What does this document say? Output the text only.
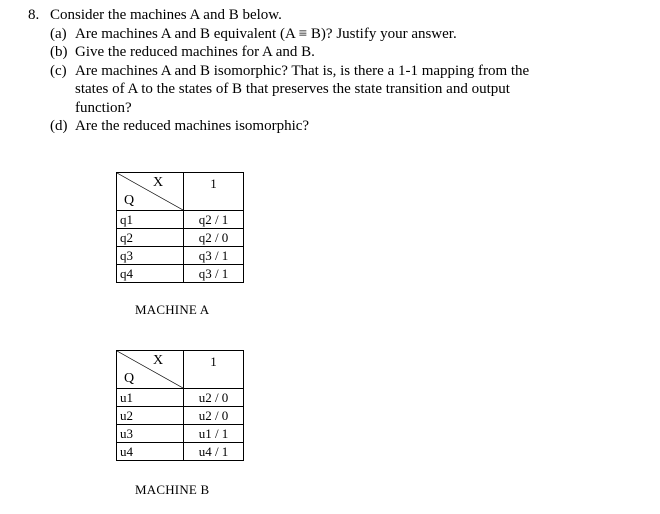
8. Consider the machines A and B below.
(a) Are machines A and B equivalent (A ≡ B)? Justify your answer.
(b) Give the reduced machines for A and B.
(c) Are machines A and B isomorphic? That is, is there a 1-1 mapping from the
states of A to the states of B that preserves the state transition and output
function?
(d) Are the reduced machines isomorphic?
X
Q	1

q1	q2 / 1
q2	q2 / 0
q3	q3 / 1
q4	q3 / 1
MACHINE A
X
Q	1

u1	u2 / 0
u2	u2 / 0
u3	u1 / 1
u4	u4 / 1
MACHINE B
